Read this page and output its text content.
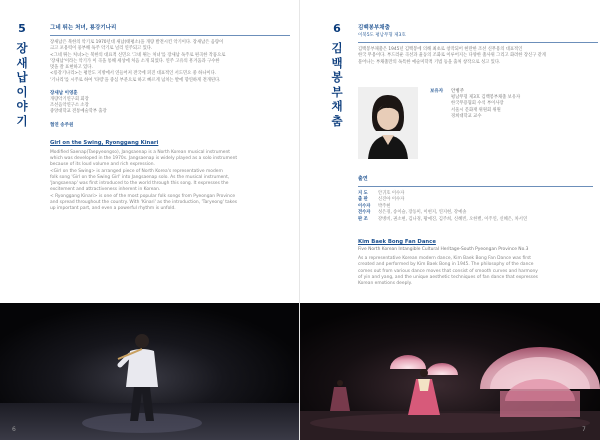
5
장
새
납
이
야
기
그네 뛰는 처녀, 룡강기나리
장새납은 북한의 악기로 1970년대 새납(태평소)을 개량 발전시킨 악기이다. 장새납은 음량이
크고 포용력이 풍부해 독주 악기로 널리 연주되고 있다.
<그네 뛰는 처녀>는 북한의 대표적 신민요 '그네 뛰는 처녀'를 장새납 독주로 편곡한 작품으로
'장새납'이라는 악기가 이 곡을 통해 세상에 처음 소개 되었다. 연주 고유의 흥겨움과 구수한
멋을 잘 표현하고 있다.
<룡강기나리>는 평안도 지방에서 연들어져 전국에 퍼진 대표적인 서도민요 중 하나이다.
'기나리'를 시주로 하여 '타령'을 중심 부분으로 하고 빠르게 넘치는 발에 향연하게 전개된다.
장새납 이영훈
개량악기연구회 회장
조선음악연구소 소장
중앙대학교 전통예술학부 출강
협연 송주원
Girl on the Swing, Ryonggang Kinari
Modified Saenap(Taepyeongso), Jangsaenap is a North Korean musical instrument
which was developed in the 1970s. Jangsaenap is widely played as a solo instrument
because of its loud volume and rich expression.
<Girl on the Swing> is arranged piece of North Korea's representative modern
folk song 'Girl on the Swing Girl' into Jangsaenap solo. As the musical instrument,
'Jangsaenap' was first introduced to the world through this song. It expresses the
excitement and attractiveness inherent in Korean.
< Ryonggang Kinari> is one of the most popular folk songs from Pyeongan Province
and spread throughout the country. With 'Kinari' as the introduction, 'Taryeong' takes
up important part, and even a powerful rhythm is unfold.
6
6
김
백
봉
부
채
춤
김백봉부채춤
이북5도 평남무형 제3호
김백봉부채춤은 1945년 김백봉에 의해 최초로 창작되어 현란한 조선 신무용의 대표적인
한국 무용이다. 부드러운 곡선과 율동의 조화로 이루어지는 다양한 춤사위 그리고 화려한 장신구 같게
묻어나는 부채춤만의 독특한 예술미학적 기법 등을 출처 창작으로 성고 있다.
보유자 안병주
평남무형 제3호 김백봉부채춤 보유자
한국무용협회 수석 부이사장
서울시 문화재 위원회 위원
경희대학교 교수
출연
지 도	안귀호 이수자
출 판	신진아 이수자
이수자	박주현
전수자	성은경, 송이슬, 장동미, 이현지, 연지현, 강예솔
판 조	강병비, 권소현, 김나경, 황예진, 김주희, 신혜빈, 오한별, 이주연, 신혜은, 차서연
Kim Baek Bong Fan Dance
Five North Korean Intangible Cultural Heritage-South Pyeongan Province No.3
As a representative Korean modern dance, Kim Baek Bong Fan Dance was first
created and performed by Kim Baek Bong in 1945. The philosophy of the dance
comes out from various dance moves that consist of smooth curves and harmony
of yin and yang, and the unique aesthetic techniques of fan dance that expresses
Korean emotions deeply.
7
